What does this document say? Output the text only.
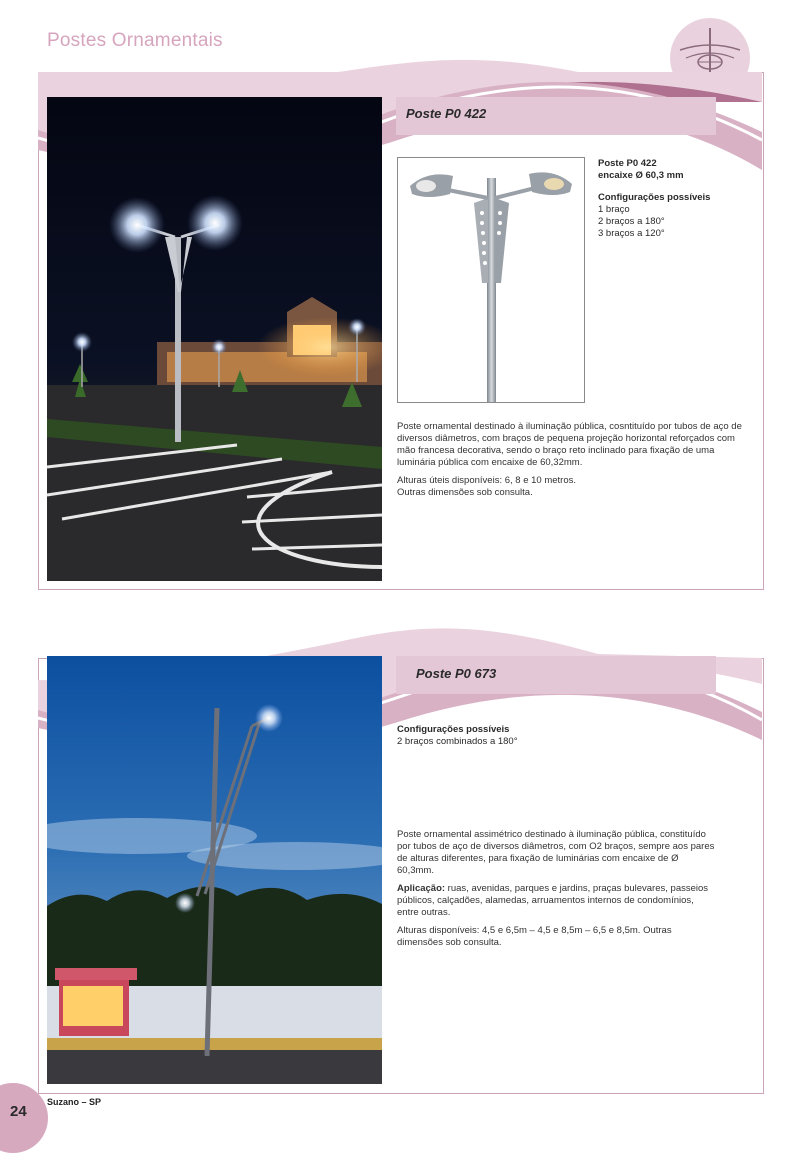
Postes Ornamentais
Poste P0 422
Poste P0 422
encaixe Ø 60,3 mm
Configurações possíveis
1 braço
2 braços a 180°
3 braços a 120°

Poste ornamental destinado à iluminação pública, cosntituído por tubos de aço de diversos diâmetros, com braços de pequena projeção horizontal reforçados com mão francesa decorativa, sendo o braço reto inclinado para fixação de uma luminária pública com encaixe de 60,32mm.

Alturas úteis disponíveis: 6, 8 e 10 metros.
Outras dimensões sob consulta.
Poste P0 673
Configurações possíveis
2 braços combinados a 180°

Poste ornamental assimétrico destinado à iluminação pública, constituído por tubos de aço de diversos diâmetros, com O2 braços, sempre aos pares de alturas diferentes, para fixação de luminárias com encaixe de Ø 60,3mm.

Aplicação: ruas, avenidas, parques e jardins, praças bulevares, passeios públicos, calçadões, alamedas, arruamentos internos de condomínios, entre outras.

Alturas disponíveis: 4,5 e 6,5m – 4,5 e 8,5m – 6,5 e 8,5m. Outras dimensões sob consulta.

24
Suzano – SP
